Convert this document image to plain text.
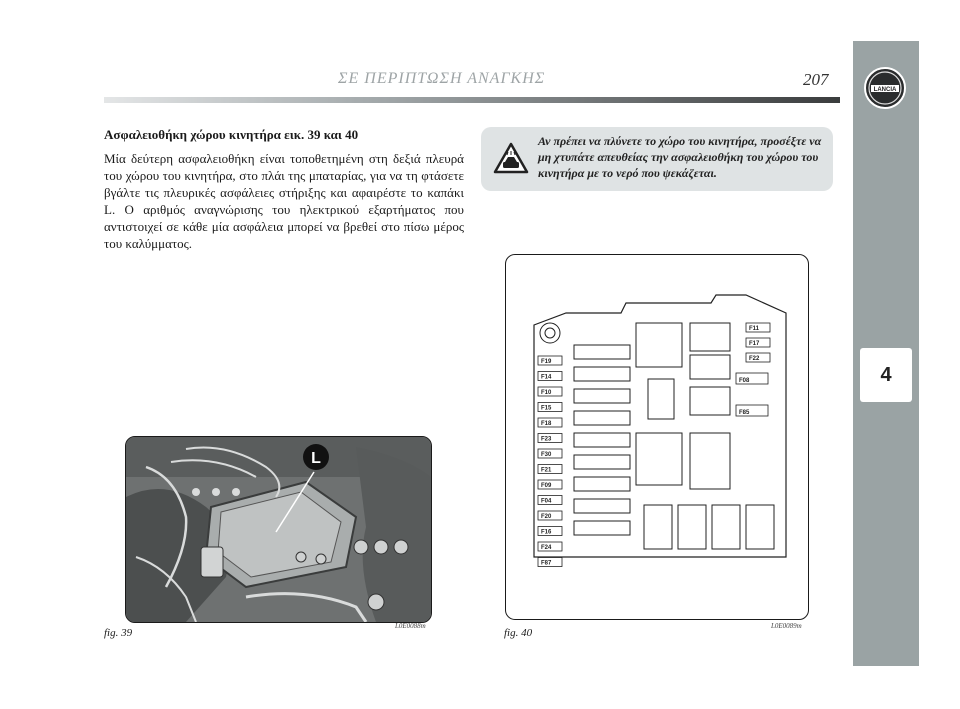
LANCIA
4
ΣΕ ΠΕΡΙΠΤΩΣΗ ΑΝΑΓΚΗΣ	207
Ασφαλειοθήκη χώρου κινητήρα εικ. 39 και 40

Μία δεύτερη ασφαλειοθήκη είναι τοποθετημένη στη δεξιά πλευρά του χώρου του κινητήρα, στο πλάι της μπαταρίας, για να τη φτάσετε βγάλτε τις πλευρικές ασφάλειες στήριξης και αφαιρέστε το καπάκι L. Ο αριθμός αναγνώρισης του ηλεκτρικού εξαρτήματος που αντιστοιχεί σε κάθε μία ασφάλεια μπορεί να βρεθεί στο πίσω μέρος του καλύμματος.

Αν πρέπει να πλύνετε το χώρο του κινητήρα, προσέξτε να μη χτυπάτε απευθείας την ασφαλειοθήκη του χώρου του κινητήρα με το νερό που ψεκάζεται.

L
fig. 39
L0E0088m
F19
F14
F10
F15
F18
F23
F30
F21
F09
F04
F20
F16
F24
F87
F11
F17
F22
F08
F85
fig. 40
L0E0089m
